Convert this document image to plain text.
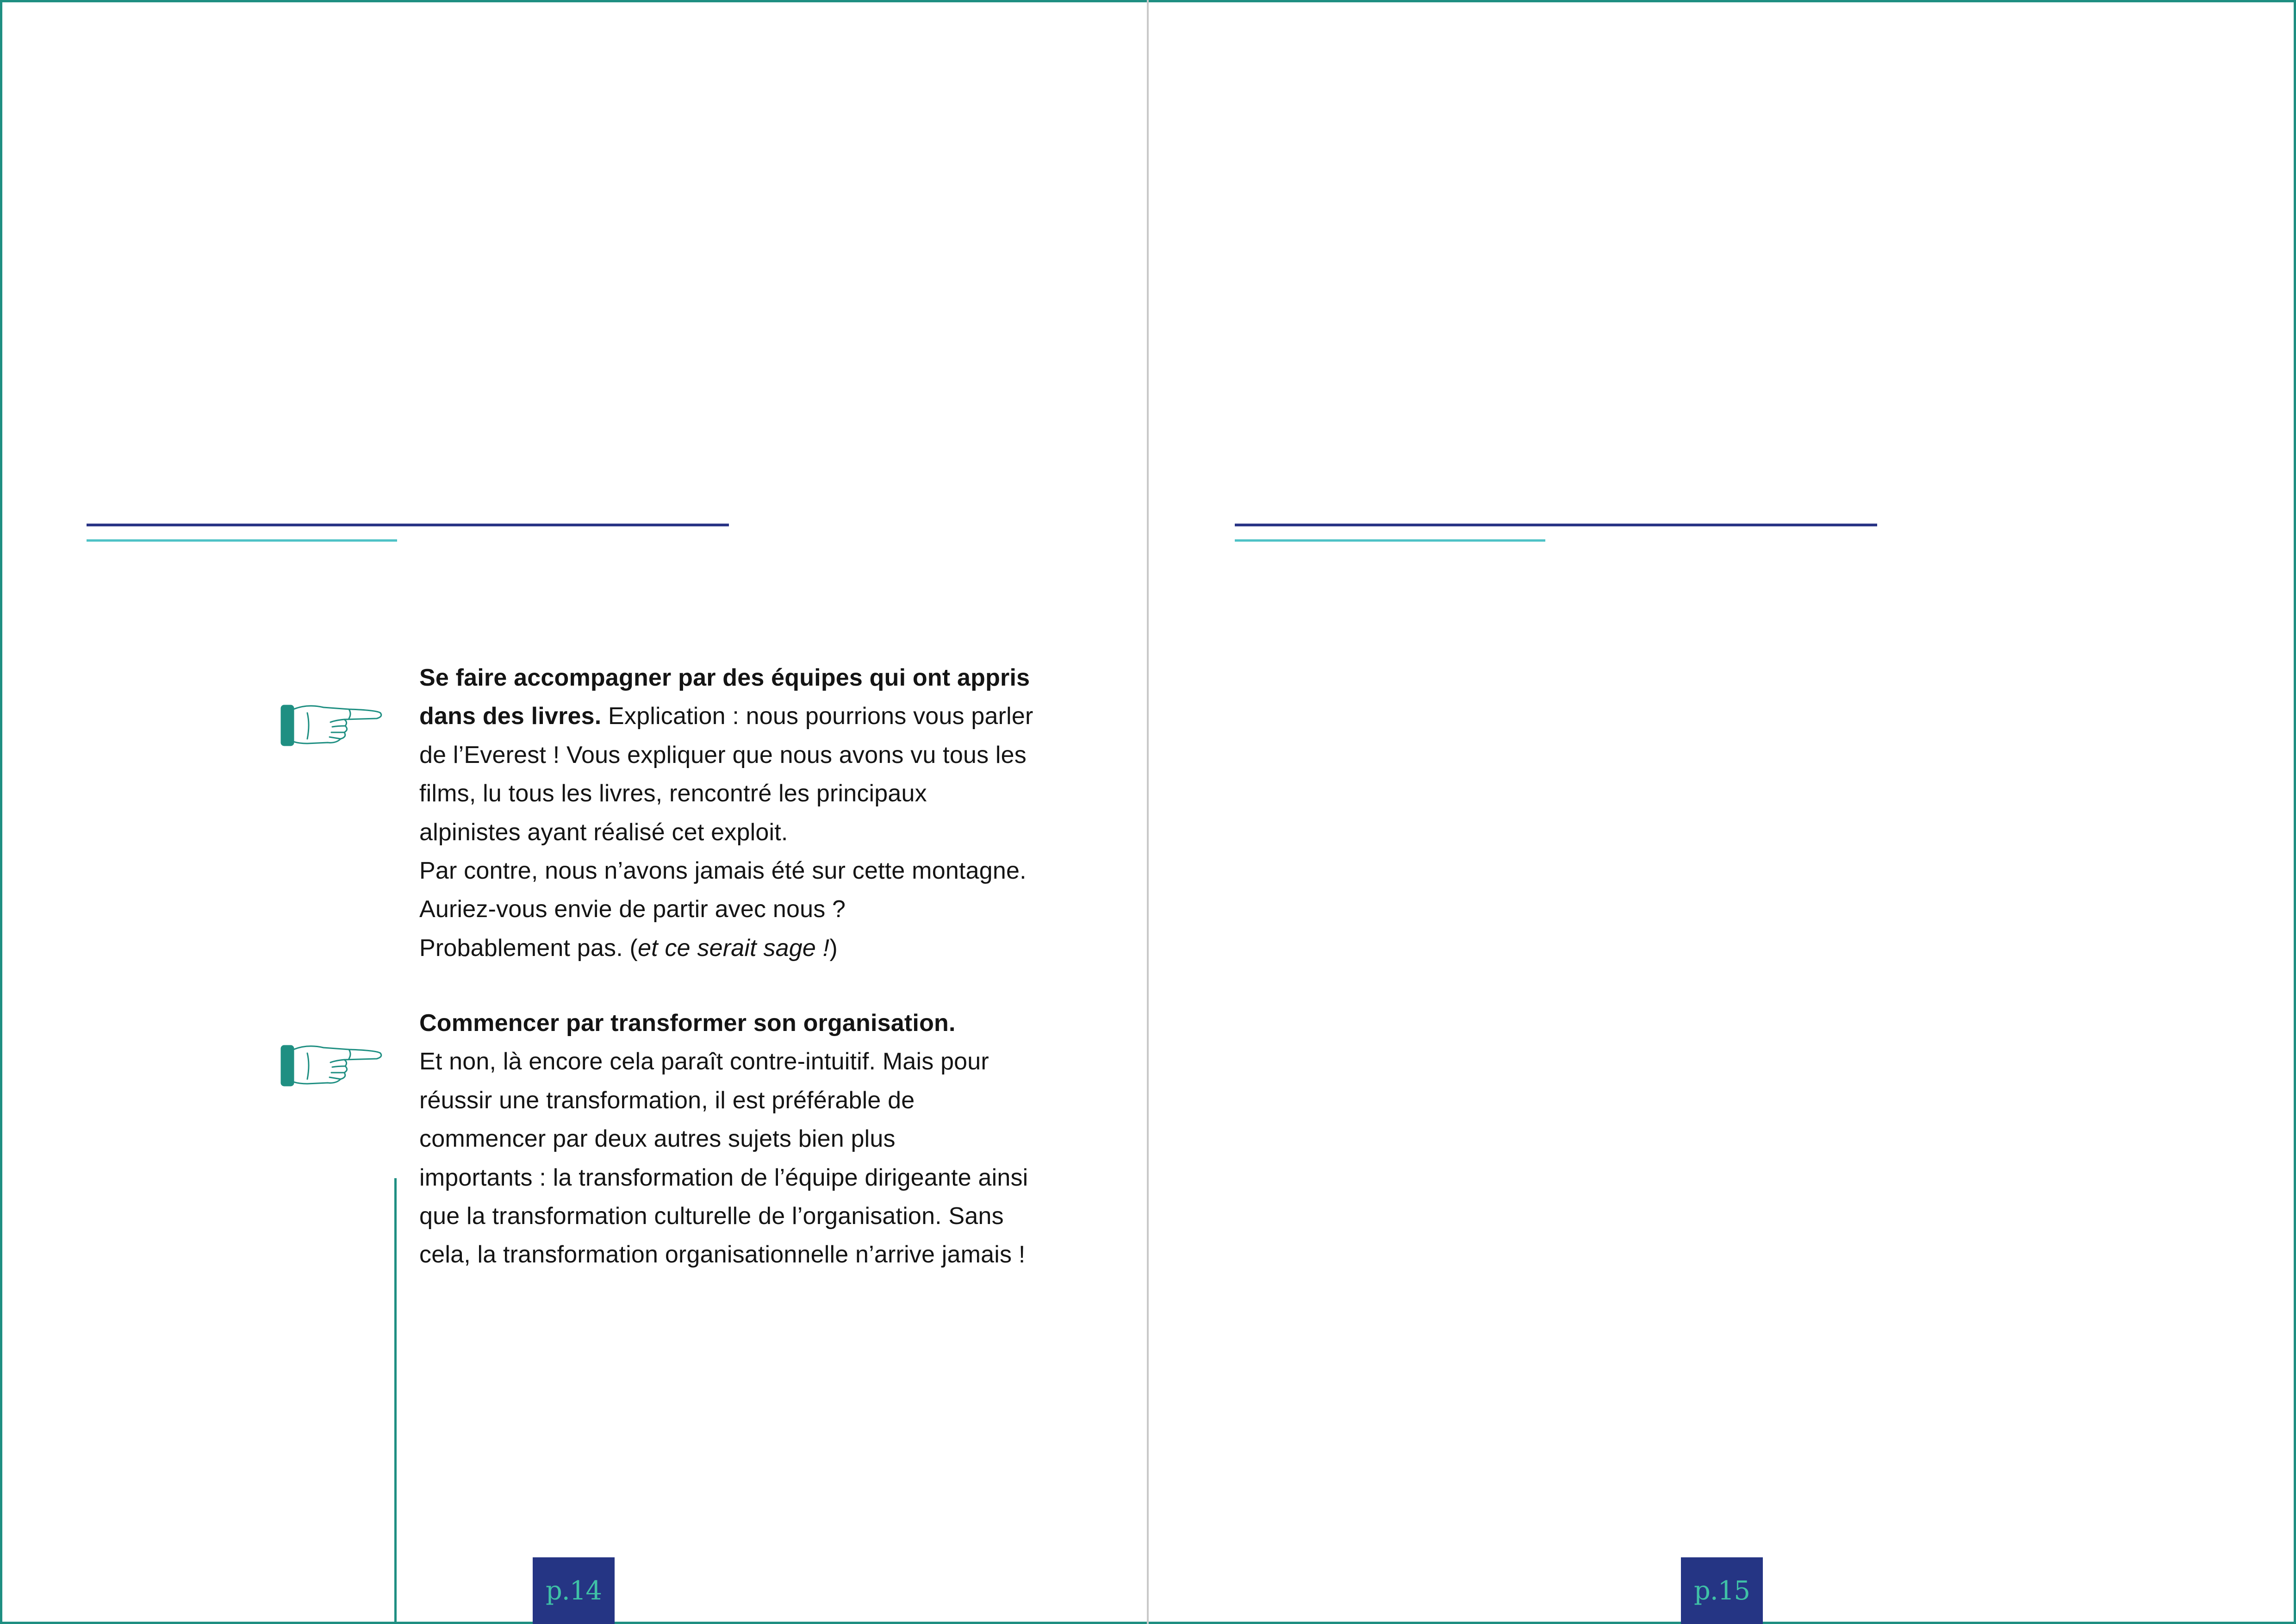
Se faire accompagner par des équipes qui ont appris

dans des livres. Explication : nous pourrions vous parler

de l’Everest ! Vous expliquer que nous avons vu tous les

films, lu tous les livres, rencontré les principaux

alpinistes ayant réalisé cet exploit.

Par contre, nous n’avons jamais été sur cette montagne.

Auriez-vous envie de partir avec nous ?

Probablement pas. (et ce serait sage !)

Commencer par transformer son organisation.

Et non, là encore cela paraît contre-intuitif. Mais pour

réussir une transformation, il est préférable de

commencer par deux autres sujets bien plus

importants : la transformation de l’équipe dirigeante ainsi

que la transformation culturelle de l’organisation. Sans

cela, la transformation organisationnelle n’arrive jamais !

p.14	p.15
